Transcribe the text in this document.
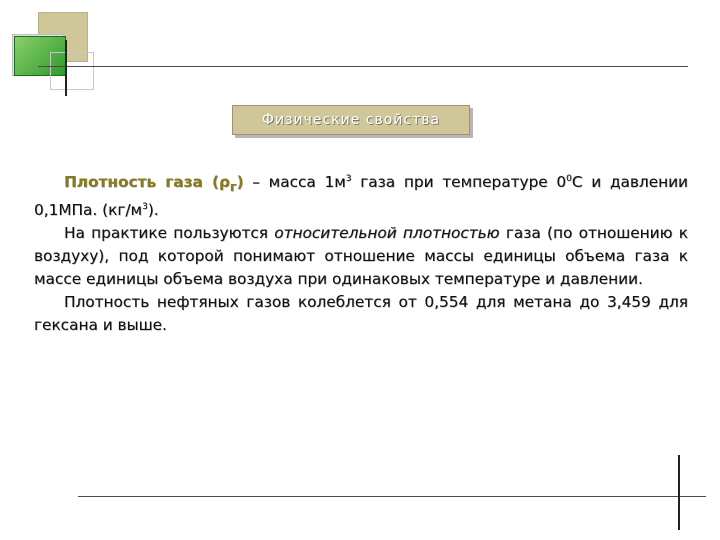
Физические свойства

Плотность газа $(\rho_г)$ – масса $1м^3$ газа при температуре $0^0С$ и давлении 0,1МПа. $(кг/м^3)$.

На практике пользуются относительной плотностью газа (по отношению к воздуху), под которой понимают отношение массы единицы объема газа к массе единицы объема воздуха при одинаковых температуре и давлении.

Плотность нефтяных газов колеблется от 0,554 для метана до 3,459 для гексана и выше.
